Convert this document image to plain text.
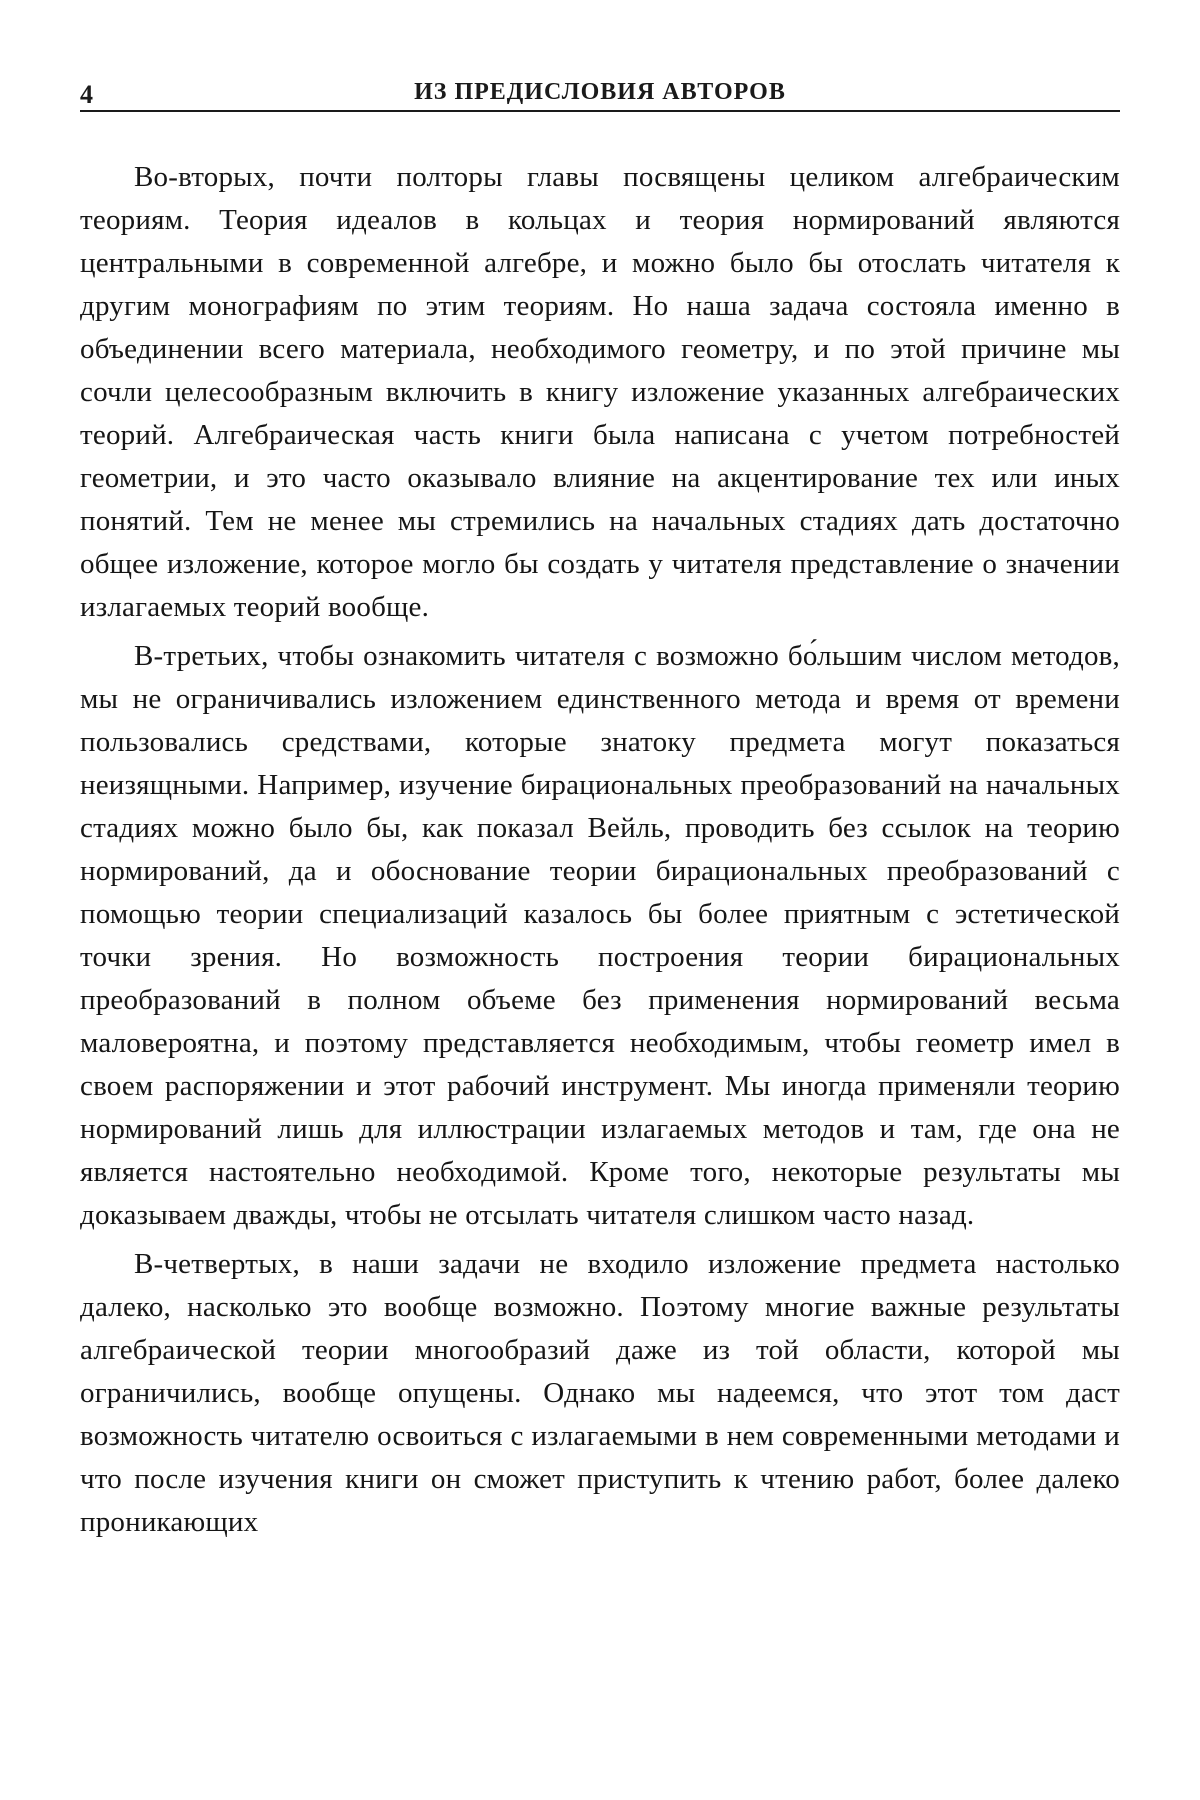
4	ИЗ ПРЕДИСЛОВИЯ АВТОРОВ

Во-вторых, почти полторы главы посвящены целиком алгебраическим теориям. Теория идеалов в кольцах и теория нормирований являются центральными в современной алгебре, и можно было бы отослать читателя к другим монографиям по этим теориям. Но наша задача состояла именно в объединении всего материала, необходимого геометру, и по этой причине мы сочли целесообразным включить в книгу изложение указанных алгебраических теорий. Алгебраическая часть книги была написана с учетом потребностей геометрии, и это часто оказывало влияние на акцентирование тех или иных понятий. Тем не менее мы стремились на начальных стадиях дать достаточно общее изложение, которое могло бы создать у читателя представление о значении излагаемых теорий вообще.

В-третьих, чтобы ознакомить читателя с возможно бо́льшим числом методов, мы не ограничивались изложением единственного метода и время от времени пользовались средствами, которые знатоку предмета могут показаться неизящными. Например, изучение бирациональных преобразований на начальных стадиях можно было бы, как показал Вейль, проводить без ссылок на теорию нормирований, да и обоснование теории бирациональных преобразований с помощью теории специализаций казалось бы более приятным с эстетической точки зрения. Но возможность построения теории бирациональных преобразований в полном объеме без применения нормирований весьма маловероятна, и поэтому представляется необходимым, чтобы геометр имел в своем распоряжении и этот рабочий инструмент. Мы иногда применяли теорию нормирований лишь для иллюстрации излагаемых методов и там, где она не является настоятельно необходимой. Кроме того, некоторые результаты мы доказываем дважды, чтобы не отсылать читателя слишком часто назад.

В-четвертых, в наши задачи не входило изложение предмета настолько далеко, насколько это вообще возможно. Поэтому многие важные результаты алгебраической теории многообразий даже из той области, которой мы ограничились, вообще опущены. Однако мы надеемся, что этот том даст возможность читателю освоиться с излагаемыми в нем современными методами и что после изучения книги он сможет приступить к чтению работ, более далеко проникающих
